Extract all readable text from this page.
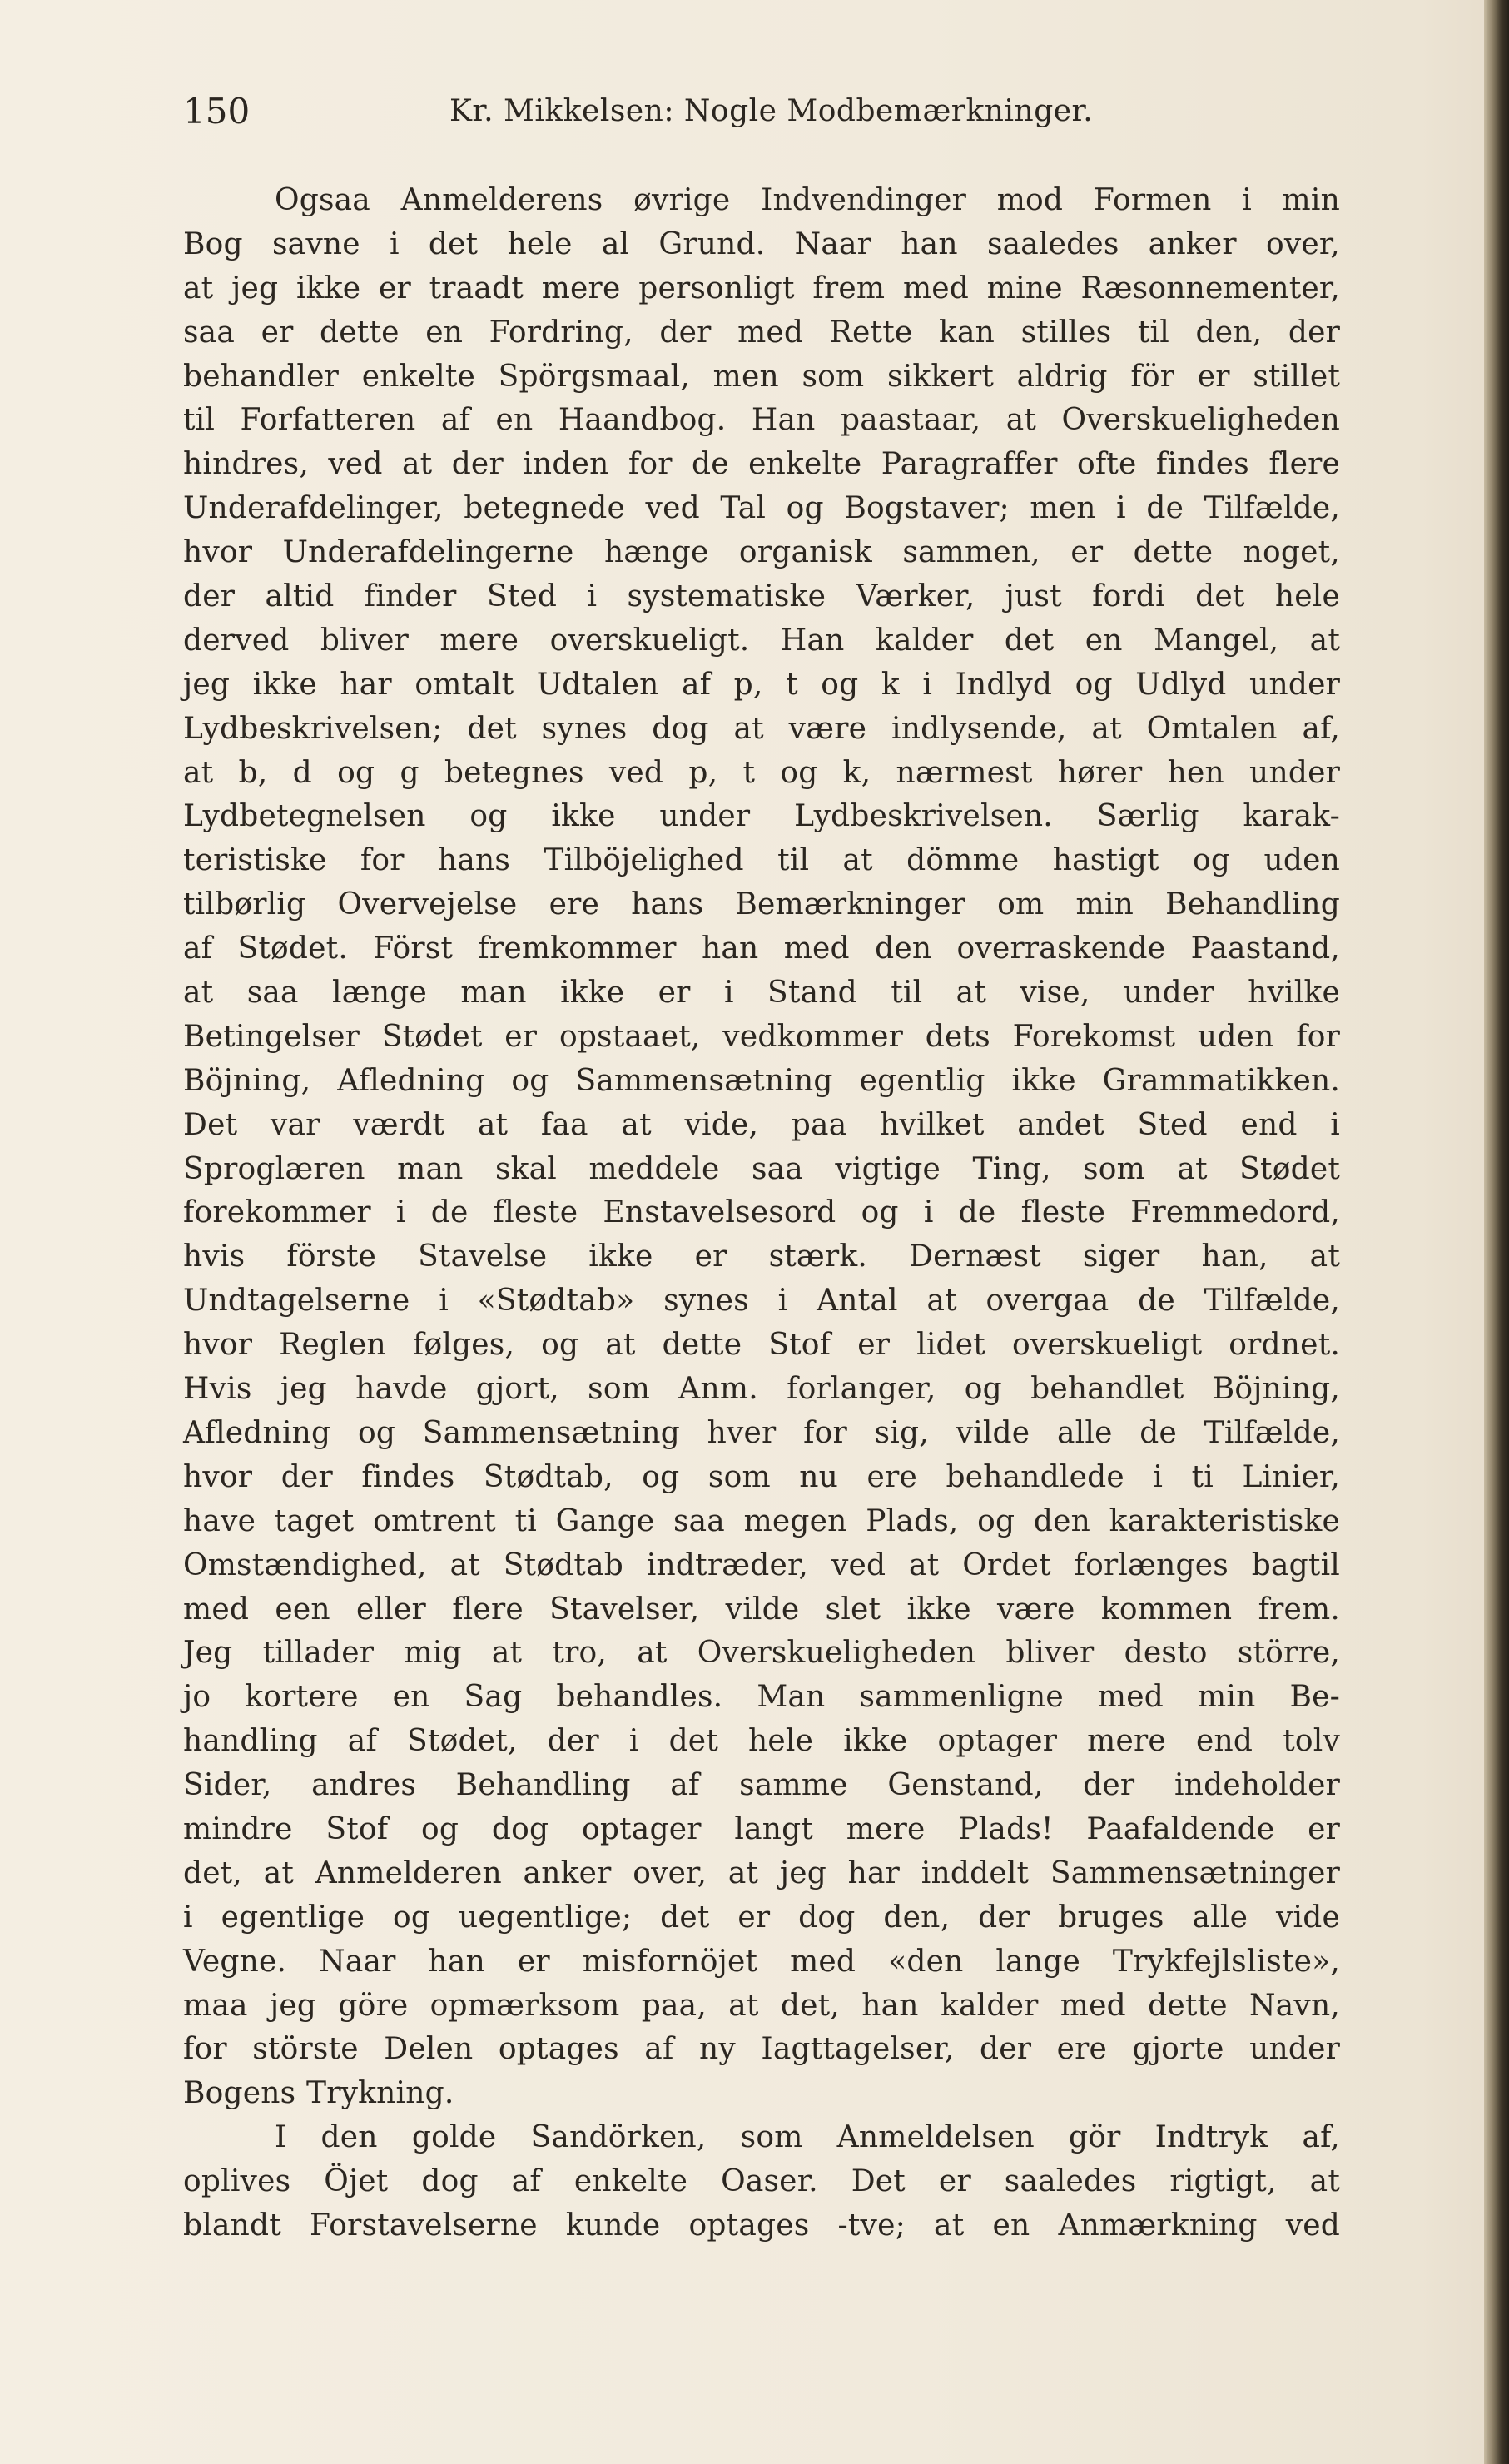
150	Kr. Mikkelsen: Nogle Modbemærkninger.
Ogsaa Anmelderens øvrige Indvendinger mod Formen i min
Bog savne i det hele al Grund. Naar han saaledes anker over,
at jeg ikke er traadt mere personligt frem med mine Ræsonnementer,
saa er dette en Fordring, der med Rette kan stilles til den, der
behandler enkelte Spörgsmaal, men som sikkert aldrig för er stillet
til Forfatteren af en Haandbog. Han paastaar, at Overskueligheden
hindres, ved at der inden for de enkelte Paragraffer ofte findes flere
Underafdelinger, betegnede ved Tal og Bogstaver; men i de Tilfælde,
hvor Underafdelingerne hænge organisk sammen, er dette noget,
der altid finder Sted i systematiske Værker, just fordi det hele
derved bliver mere overskueligt. Han kalder det en Mangel, at
jeg ikke har omtalt Udtalen af p, t og k i Indlyd og Udlyd under
Lydbeskrivelsen; det synes dog at være indlysende, at Omtalen af,
at b, d og g betegnes ved p, t og k, nærmest hører hen under
Lydbetegnelsen og ikke under Lydbeskrivelsen. Særlig karak-
teristiske for hans Tilböjelighed til at dömme hastigt og uden
tilbørlig Overvejelse ere hans Bemærkninger om min Behandling
af Stødet. Först fremkommer han med den overraskende Paastand,
at saa længe man ikke er i Stand til at vise, under hvilke
Betingelser Stødet er opstaaet, vedkommer dets Forekomst uden for
Böjning, Afledning og Sammensætning egentlig ikke Grammatikken.
Det var værdt at faa at vide, paa hvilket andet Sted end i
Sproglæren man skal meddele saa vigtige Ting, som at Stødet
forekommer i de fleste Enstavelsesord og i de fleste Fremmedord,
hvis förste Stavelse ikke er stærk. Dernæst siger han, at
Undtagelserne i «Stødtab» synes i Antal at overgaa de Tilfælde,
hvor Reglen følges, og at dette Stof er lidet overskueligt ordnet.
Hvis jeg havde gjort, som Anm. forlanger, og behandlet Böjning,
Afledning og Sammensætning hver for sig, vilde alle de Tilfælde,
hvor der findes Stødtab, og som nu ere behandlede i ti Linier,
have taget omtrent ti Gange saa megen Plads, og den karakteristiske
Omstændighed, at Stødtab indtræder, ved at Ordet forlænges bagtil
med een eller flere Stavelser, vilde slet ikke være kommen frem.
Jeg tillader mig at tro, at Overskueligheden bliver desto större,
jo kortere en Sag behandles. Man sammenligne med min Be-
handling af Stødet, der i det hele ikke optager mere end tolv
Sider, andres Behandling af samme Genstand, der indeholder
mindre Stof og dog optager langt mere Plads! Paafaldende er
det, at Anmelderen anker over, at jeg har inddelt Sammensætninger
i egentlige og uegentlige; det er dog den, der bruges alle vide
Vegne. Naar han er misfornöjet med «den lange Trykfejlsliste»,
maa jeg göre opmærksom paa, at det, han kalder med dette Navn,
for störste Delen optages af ny Iagttagelser, der ere gjorte under
Bogens Trykning.
I den golde Sandörken, som Anmeldelsen gör Indtryk af,
oplives Öjet dog af enkelte Oaser. Det er saaledes rigtigt, at
blandt Forstavelserne kunde optages -tve; at en Anmærkning ved
